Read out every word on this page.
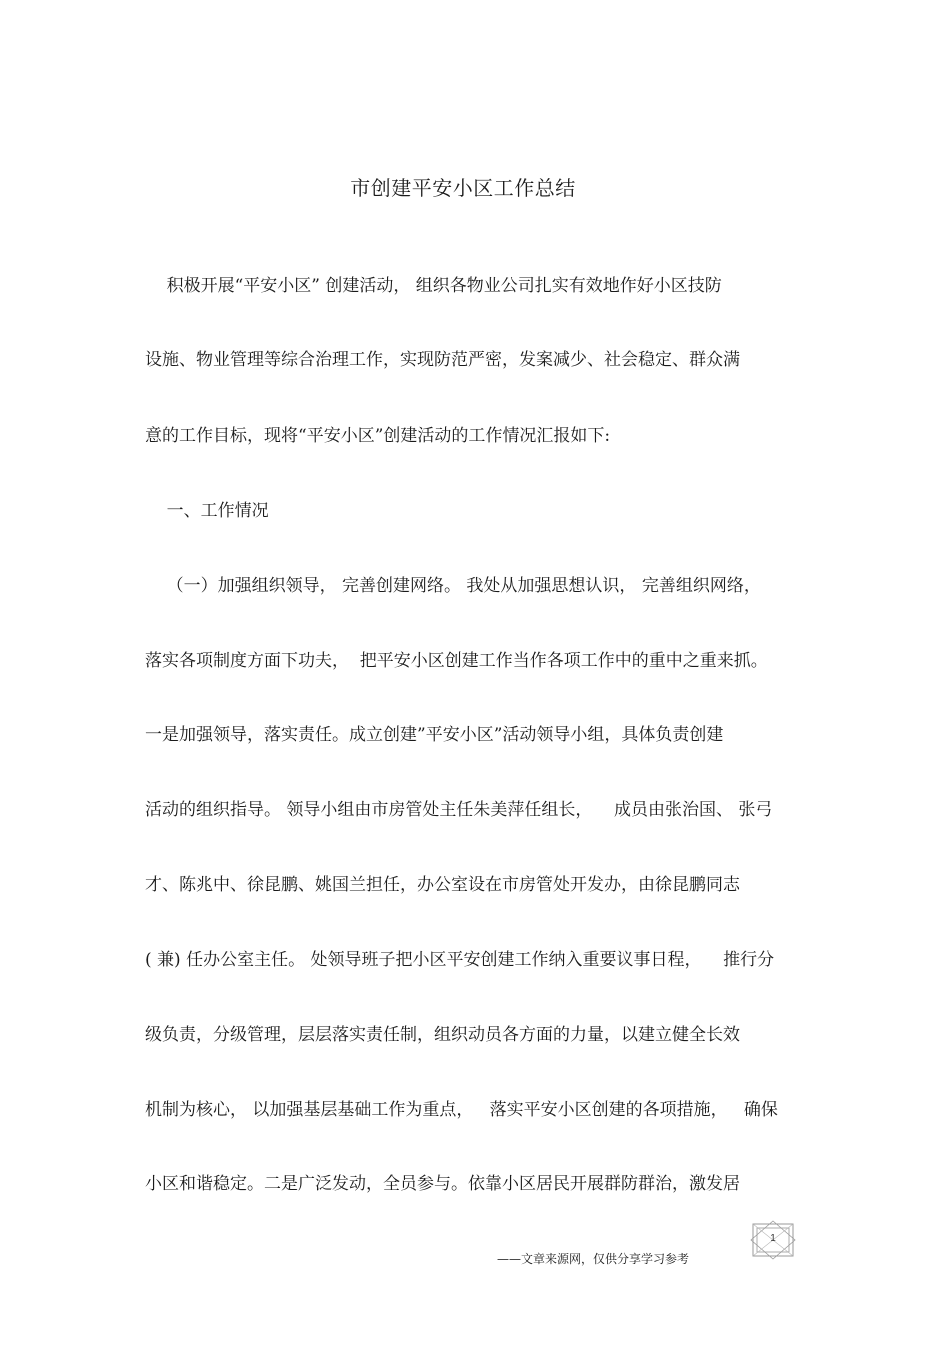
市创建平安小区工作总结
积极开展“平安小区” 创建活动， 组织各物业公司扎实有效地作好小区技防
设施、物业管理等综合治理工作，实现防范严密，发案减少、社会稳定、群众满
意的工作目标，现将“平安小区”创建活动的工作情况汇报如下:
一、工作情况
（一）加强组织领导， 完善创建网络。 我处从加强思想认识， 完善组织网络，
落实各项制度方面下功夫，  把平安小区创建工作当作各项工作中的重中之重来抓。
一是加强领导，落实责任。成立创建”平安小区”活动领导小组，具体负责创建
活动的组织指导。 领导小组由市房管处主任朱美萍任组长，    成员由张治国、 张弓
才、陈兆中、徐昆鹏、姚国兰担任，办公室设在市房管处开发办，由徐昆鹏同志
( 兼) 任办公室主任。 处领导班子把小区平安创建工作纳入重要议事日程，    推行分
级负责，分级管理，层层落实责任制，组织动员各方面的力量，以建立健全长效
机制为核心， 以加强基层基础工作为重点，   落实平安小区创建的各项措施，   确保
小区和谐稳定。二是广泛发动，全员参与。依靠小区居民开展群防群治，激发居
1
——文章来源网，仅供分享学习参考
